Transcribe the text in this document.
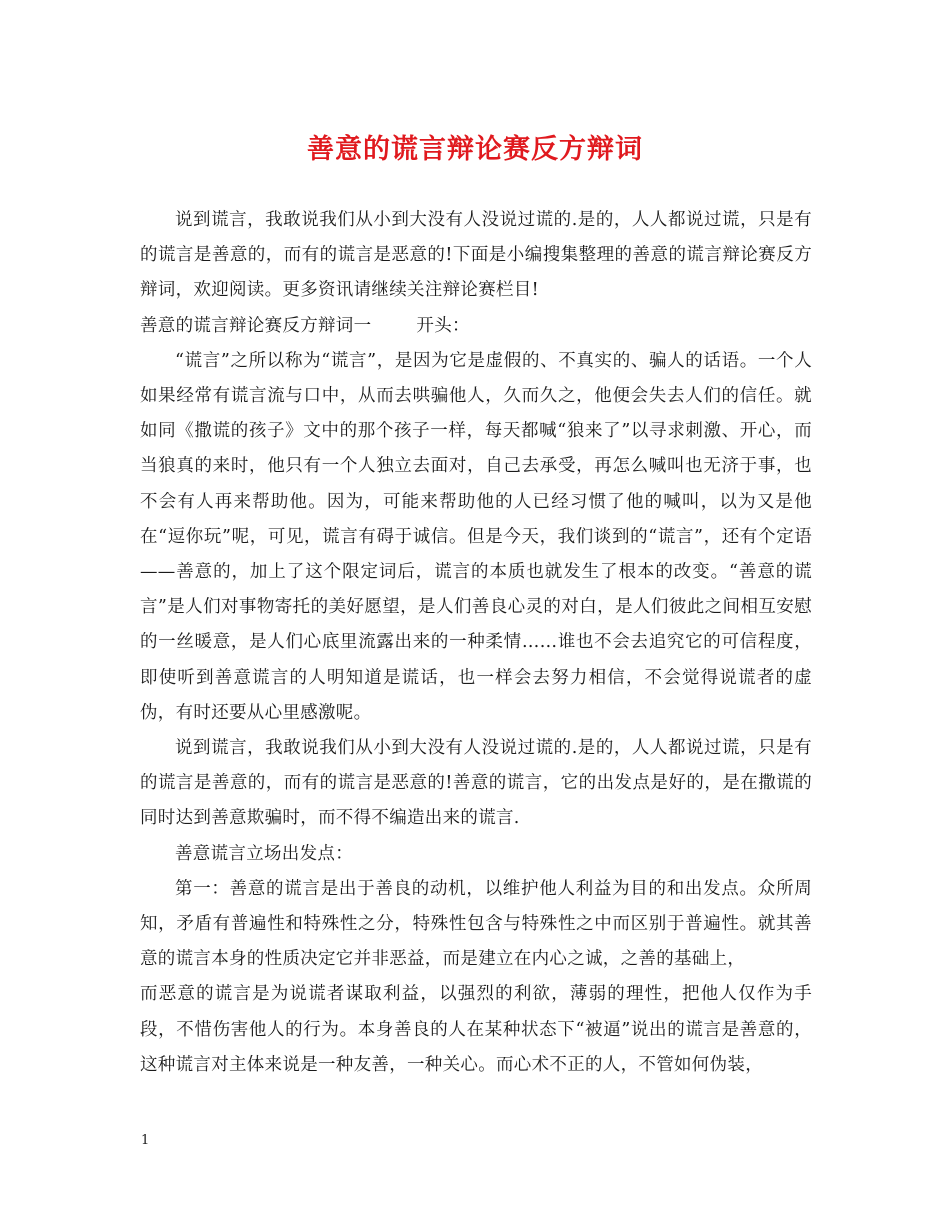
善意的谎言辩论赛反方辩词

说到谎言，我敢说我们从小到大没有人没说过谎的.是的，人人都说过谎，只是有的谎言是善意的，而有的谎言是恶意的!下面是小编搜集整理的善意的谎言辩论赛反方辩词，欢迎阅读。更多资讯请继续关注辩论赛栏目!

善意的谎言辩论赛反方辩词一	开头：

“谎言”之所以称为“谎言”，是因为它是虚假的、不真实的、骗人的话语。一个人如果经常有谎言流与口中，从而去哄骗他人，久而久之，他便会失去人们的信任。就如同《撒谎的孩子》文中的那个孩子一样，每天都喊“狼来了”以寻求刺激、开心，而当狼真的来时，他只有一个人独立去面对，自己去承受，再怎么喊叫也无济于事，也不会有人再来帮助他。因为，可能来帮助他的人已经习惯了他的喊叫，以为又是他在“逗你玩”呢，可见，谎言有碍于诚信。但是今天，我们谈到的“谎言”，还有个定语——善意的，加上了这个限定词后，谎言的本质也就发生了根本的改变。“善意的谎言”是人们对事物寄托的美好愿望，是人们善良心灵的对白，是人们彼此之间相互安慰的一丝暖意，是人们心底里流露出来的一种柔情……谁也不会去追究它的可信程度，即使听到善意谎言的人明知道是谎话，也一样会去努力相信，不会觉得说谎者的虚伪，有时还要从心里感激呢。

说到谎言，我敢说我们从小到大没有人没说过谎的.是的，人人都说过谎，只是有的谎言是善意的，而有的谎言是恶意的!善意的谎言，它的出发点是好的，是在撒谎的同时达到善意欺骗时，而不得不编造出来的谎言.

善意谎言立场出发点：

第一：善意的谎言是出于善良的动机，以维护他人利益为目的和出发点。众所周知，矛盾有普遍性和特殊性之分，特殊性包含与特殊性之中而区别于普遍性。就其善意的谎言本身的性质决定它并非恶益，而是建立在内心之诚，之善的基础上，

而恶意的谎言是为说谎者谋取利益，以强烈的利欲，薄弱的理性，把他人仅作为手段，不惜伤害他人的行为。本身善良的人在某种状态下“被逼”说出的谎言是善意的，这种谎言对主体来说是一种友善，一种关心。而心术不正的人，不管如何伪装，

1
